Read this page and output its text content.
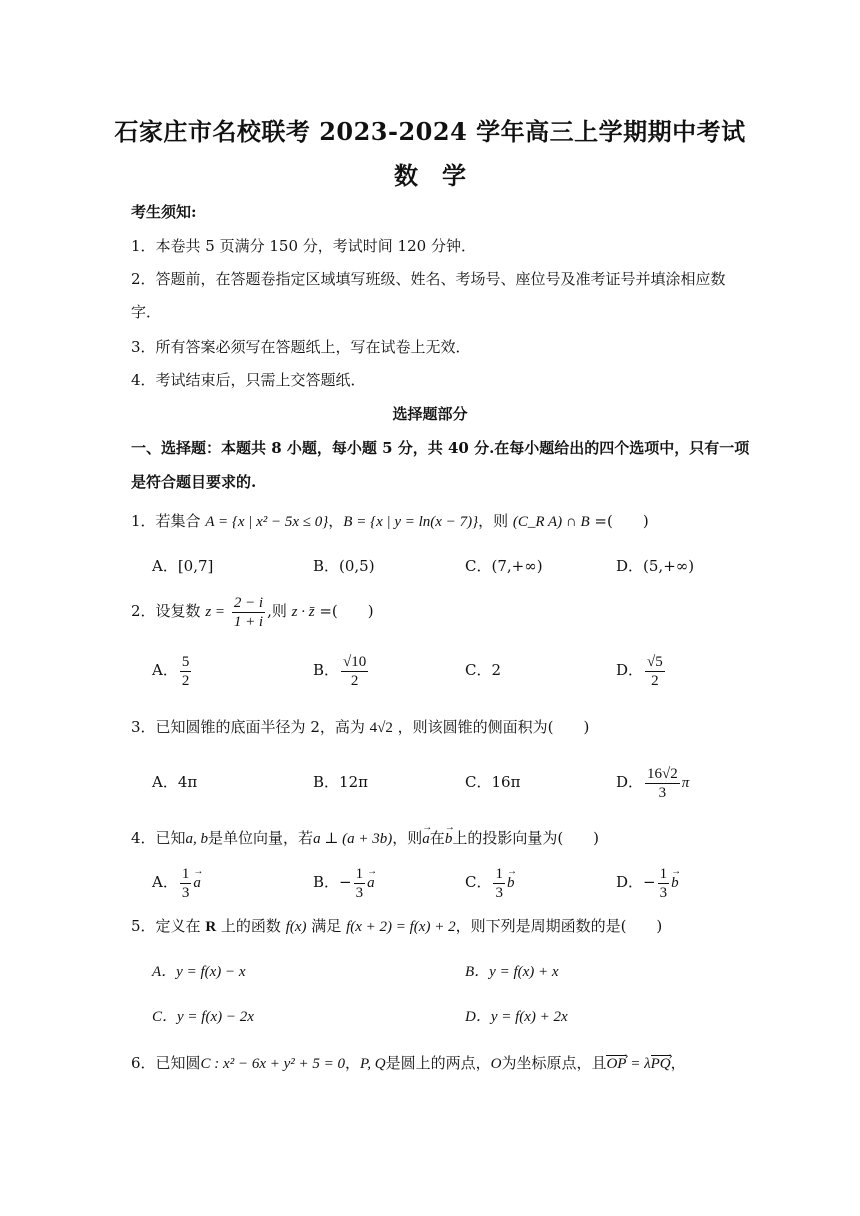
石家庄市名校联考 2023-2024 学年高三上学期期中考试
数　学
考生须知:
1．本卷共 5 页满分 150 分，考试时间 120 分钟．
2．答题前，在答题卷指定区域填写班级、姓名、考场号、座位号及准考证号并填涂相应数
字．
3．所有答案必须写在答题纸上，写在试卷上无效．
4．考试结束后，只需上交答题纸．
选择题部分
一、选择题：本题共 8 小题，每小题 5 分，共 40 分.在每小题给出的四个选项中，只有一项
是符合题目要求的.
1．若集合 A = {x | x² − 5x ≤ 0}，B = {x | y = ln(x − 7)}，则 (C_R A) ∩ B =(　　)
A．[0,7]	B．(0,5)	C．(7,+∞)	D．(5,+∞)
2．设复数 $z = \frac{2 - i}{1 + i}$ ,则 z · z̄ =(　　)
A． $\frac{5}{2}$	B． $\frac{√10}{2}$	C．2	D． $\frac{√5}{2}$
3．已知圆锥的底面半径为 2，高为 4√2 ，则该圆锥的侧面积为(　　)
A．4π	B．12π	C．16π	D． $\frac{16√2}{3}$ π
4．已知a, b是单位向量，若a ⊥ (a + 3b)，则→ a在→ b上的投影向量为(　　)
A． $\frac{1}{3}$
→ a	B．− $\frac{1}{3}$
→ a	C． $\frac{1}{3}$
→ b	D．− $\frac{1}{3}$
→ b
5．定义在 R 上的函数 f(x) 满足 f(x + 2) = f(x) + 2，则下列是周期函数的是(　　)
A．y = f(x) − x	B．y = f(x) + x
C．y = f(x) − 2x	D．y = f(x) + 2x
6．已知圆C : x² − 6x + y² + 5 = 0，P, Q是圆上的两点，O为坐标原点，且OP › = λPQ ›，
